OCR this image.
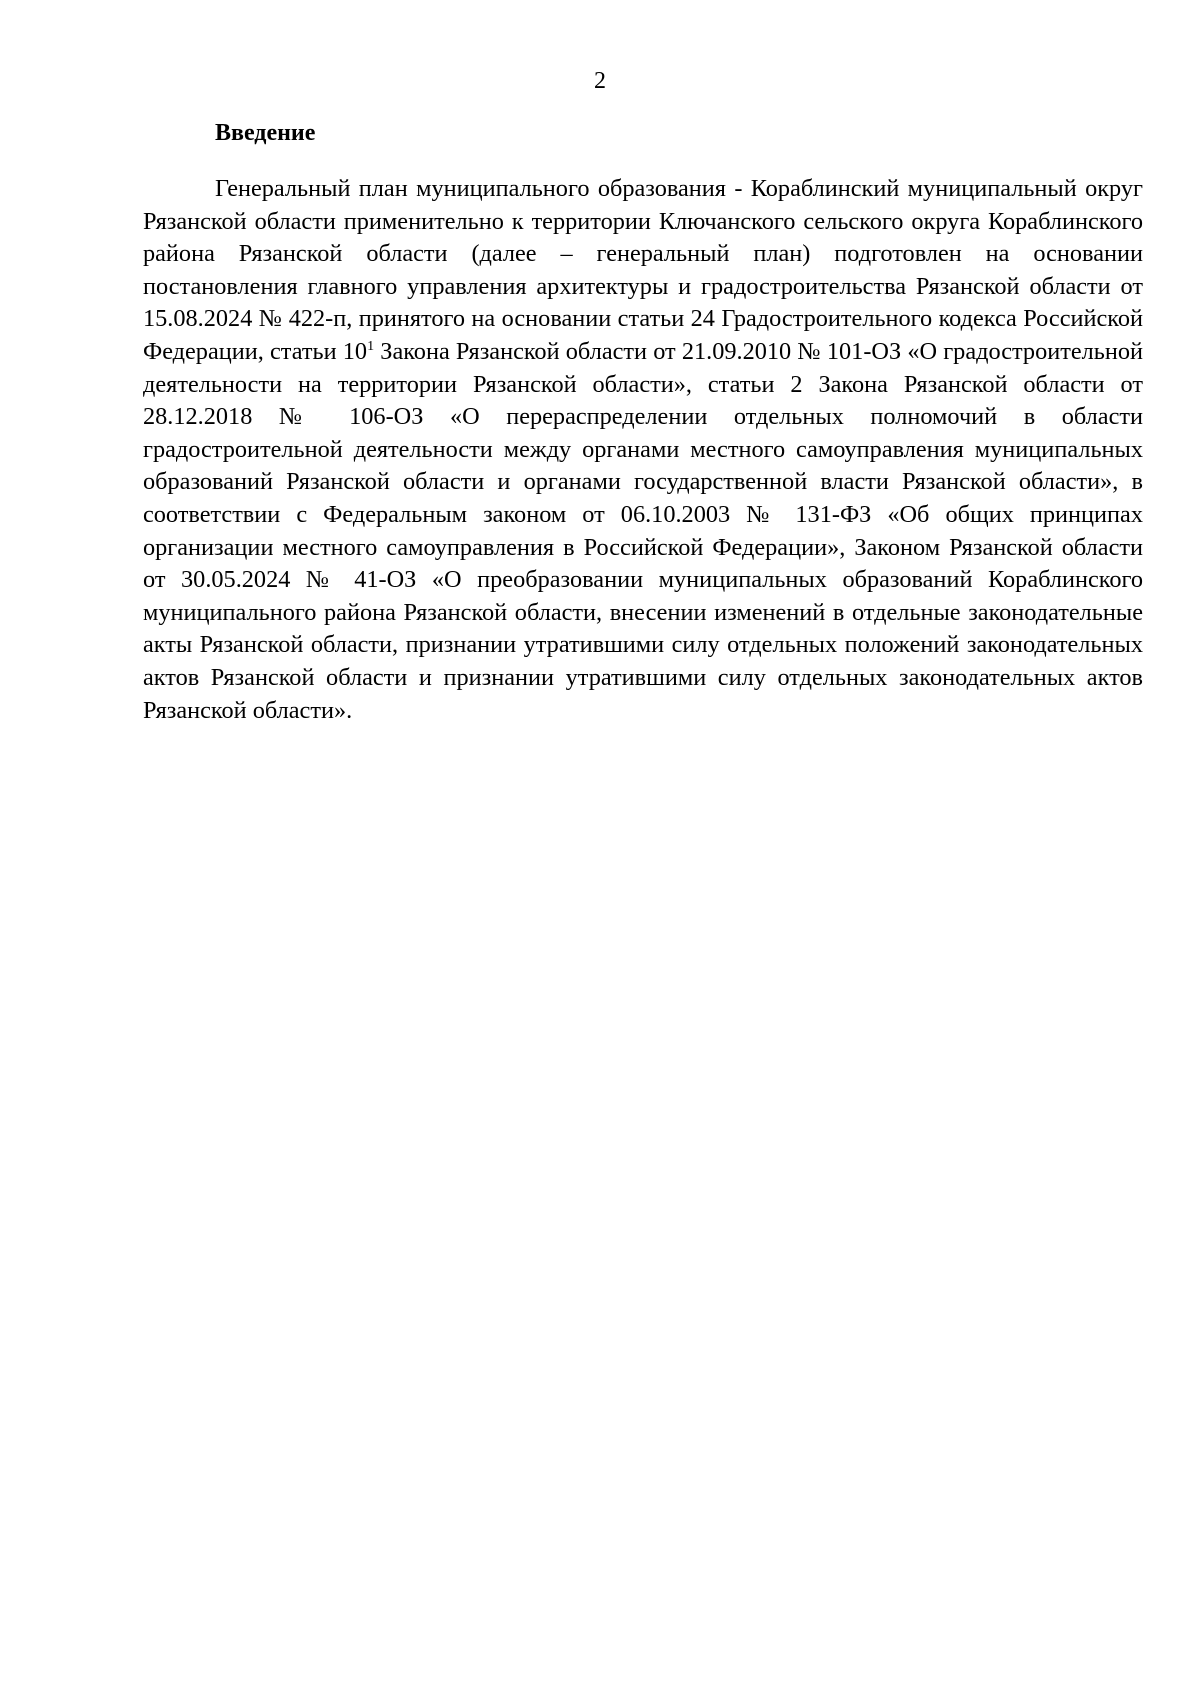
2
Введение

Генеральный план муниципального образования - Кораблинский муниципальный округ Рязанской области применительно к территории Ключанского сельского округа Кораблинского района Рязанской области (далее – генеральный план) подготовлен на основании постановления главного управления архитектуры и градостроительства Рязанской области от 15.08.2024 № 422-п, принятого на основании статьи 24 Градостроительного кодекса Российской Федерации, статьи $10^1$ Закона Рязанской области от 21.09.2010 № 101-ОЗ «О градостроительной деятельности на территории Рязанской области», статьи 2 Закона Рязанской области от 28.12.2018 № 106-ОЗ «О перераспределении отдельных полномочий в области градостроительной деятельности между органами местного самоуправления муниципальных образований Рязанской области и органами государственной власти Рязанской области», в соответствии с Федеральным законом от 06.10.2003 № 131-ФЗ «Об общих принципах организации местного самоуправления в Российской Федерации», Законом Рязанской области от 30.05.2024 № 41-ОЗ «О преобразовании муниципальных образований Кораблинского муниципального района Рязанской области, внесении изменений в отдельные законодательные акты Рязанской области, признании утратившими силу отдельных положений законодательных актов Рязанской области и признании утратившими силу отдельных законодательных актов Рязанской области».
